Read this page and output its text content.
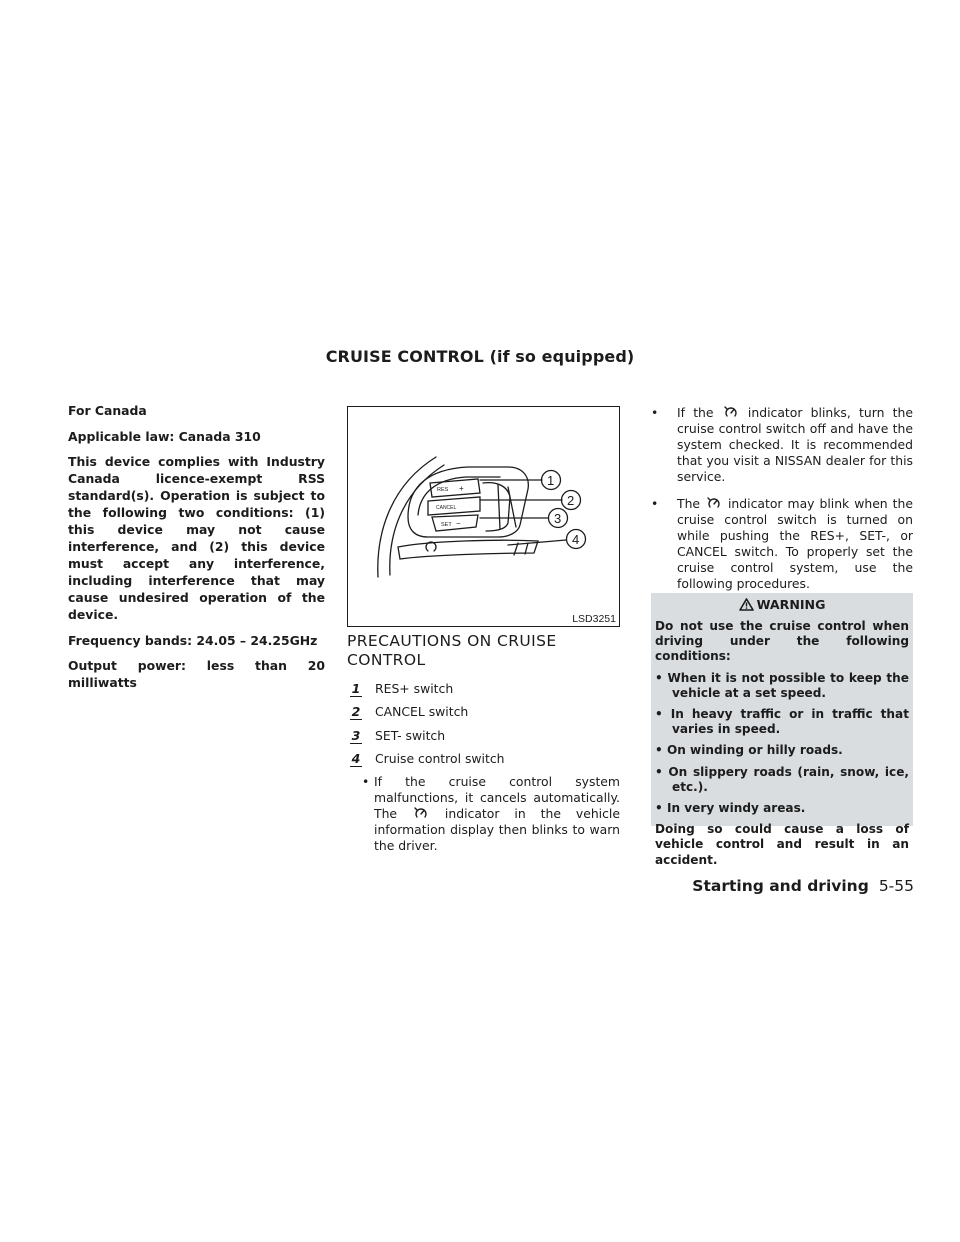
CRUISE CONTROL (if so equipped)

For Canada

Applicable law: Canada 310

This device complies with Industry Canada licence-exempt RSS standard(s). Operation is subject to the following two conditions: (1) this device may not cause interference, and (2) this device must accept any interference, including interference that may cause undesired operation of the device.

Frequency bands: 24.05 – 24.25GHz

Output power: less than 20 milliwatts

RES +
CANCEL
SET −
1
2
3
4
LSD3251
PRECAUTIONS ON CRUISE CONTROL
1	RES+ switch
2	CANCEL switch
3	SET- switch
4	Cruise control switch
• If the cruise control system malfunctions, it cancels automatically. The	indicator in the vehicle information display then blinks to warn the driver.
• If the	indicator blinks, turn the cruise control switch off and have the system checked. It is recommended that you visit a NISSAN dealer for this service.
• The indicator may blink when the cruise control switch is turned on while pushing the RES+, SET-, or CANCEL switch. To properly set the cruise control system, use the following procedures.
WARNING

Do not use the cruise control when driving under the following conditions:

• When it is not possible to keep the vehicle at a set speed.

• In heavy traffic or in traffic that varies in speed.

• On winding or hilly roads.

• On slippery roads (rain, snow, ice, etc.).

• In very windy areas.

Doing so could cause a loss of vehicle control and result in an accident.

Starting and driving 5-55
